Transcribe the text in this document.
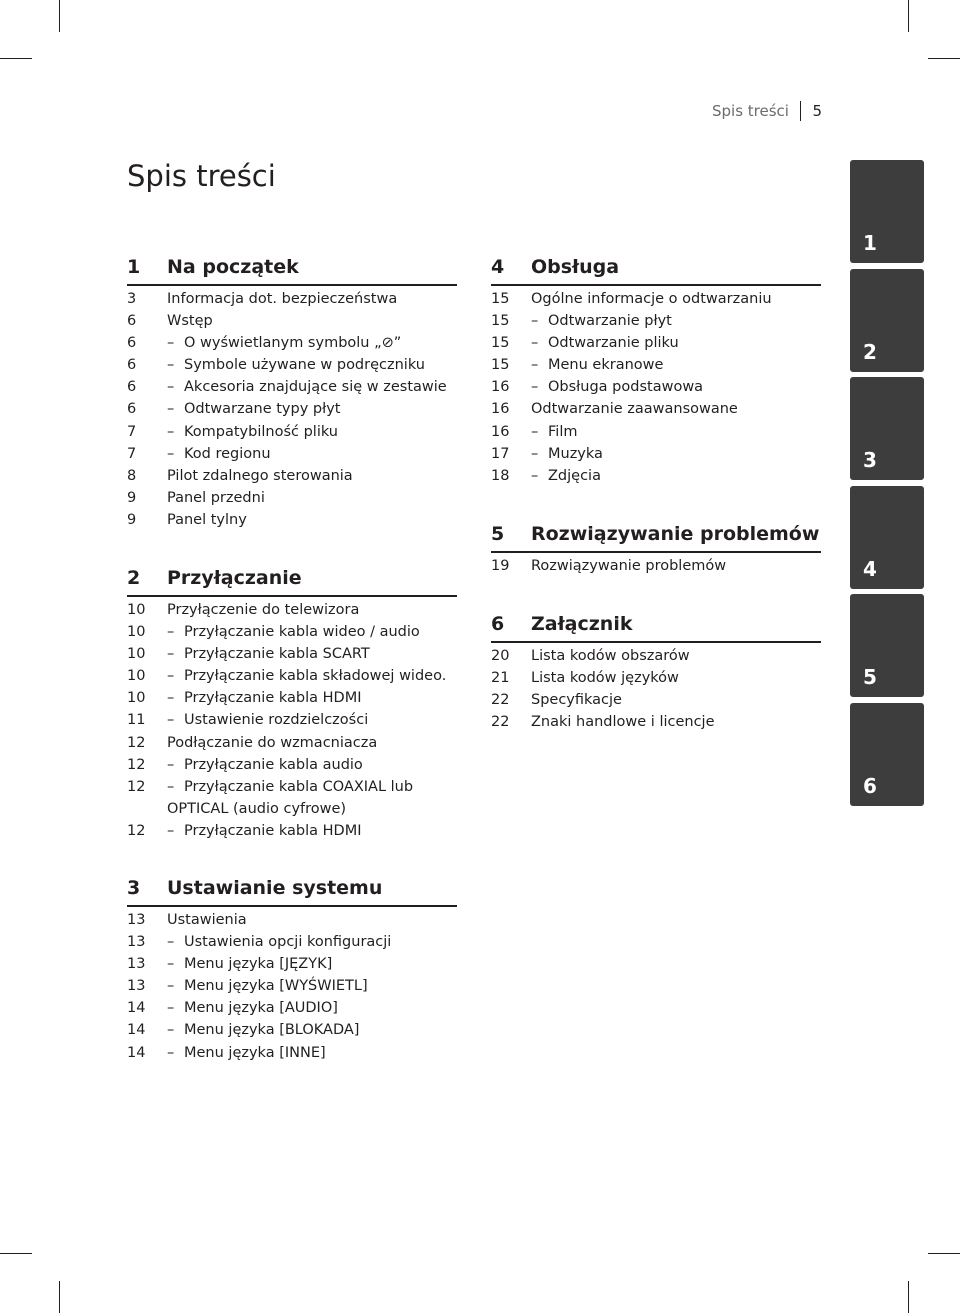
Spis treści 5
Spis treści
1 Na początek
3	Informacja dot. bezpieczeństwa
6	Wstęp
6	– O wyświetlanym symbolu „⊘”
6	– Symbole używane w podręczniku
6	– Akcesoria znajdujące się w zestawie
6	– Odtwarzane typy płyt
7	– Kompatybilność pliku
7	– Kod regionu
8	Pilot zdalnego sterowania
9	Panel przedni
9	Panel tylny
2 Przyłączanie
10	Przyłączenie do telewizora
10	– Przyłączanie kabla wideo / audio
10	– Przyłączanie kabla SCART
10	– Przyłączanie kabla składowej wideo.
10	– Przyłączanie kabla HDMI
11	– Ustawienie rozdzielczości
12	Podłączanie do wzmacniacza
12	– Przyłączanie kabla audio
12	– Przyłączanie kabla COAXIAL lub
OPTICAL (audio cyfrowe)
12	– Przyłączanie kabla HDMI
3 Ustawianie systemu
13	Ustawienia
13	– Ustawienia opcji konfiguracji
13	– Menu języka [JĘZYK]
13	– Menu języka [WYŚWIETL]
14	– Menu języka [AUDIO]
14	– Menu języka [BLOKADA]
14	– Menu języka [INNE]
4 Obsługa
15	Ogólne informacje o odtwarzaniu
15	– Odtwarzanie płyt
15	– Odtwarzanie pliku
15	– Menu ekranowe
16	– Obsługa podstawowa
16	Odtwarzanie zaawansowane
16	– Film
17	– Muzyka
18	– Zdjęcia
5 Rozwiązywanie problemów
19	Rozwiązywanie problemów
6 Załącznik
20	Lista kodów obszarów
21	Lista kodów języków
22	Specyfikacje
22	Znaki handlowe i licencje
1
2
3
4
5
6
